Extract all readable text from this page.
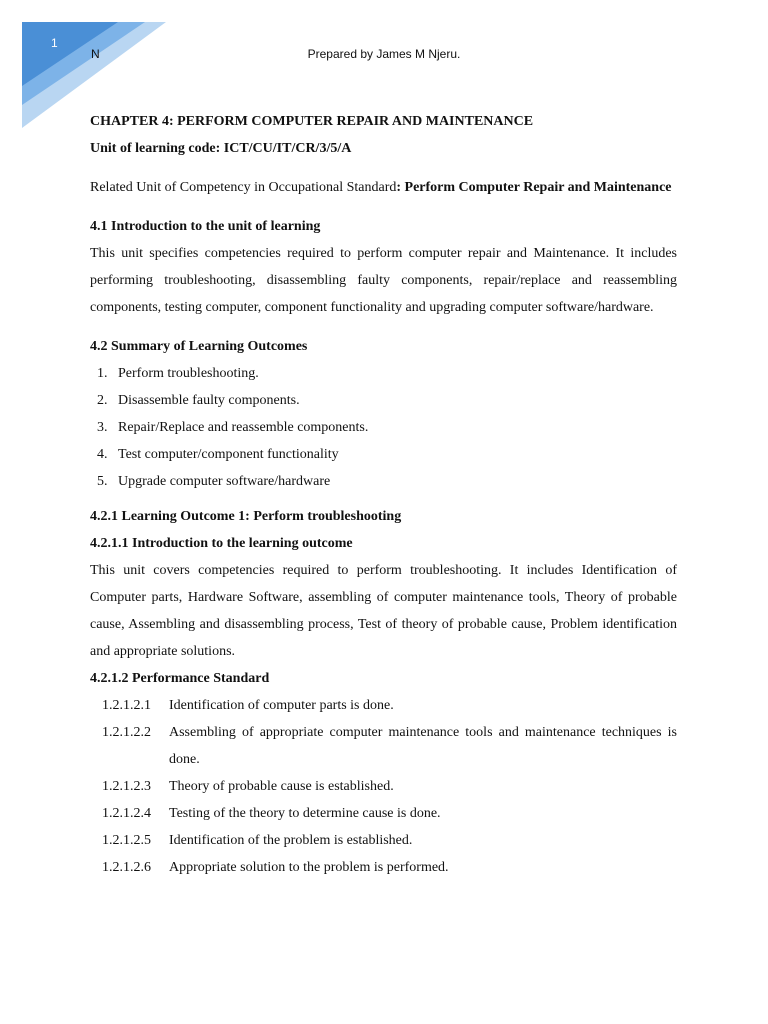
1
N	Prepared by James M Njeru.

CHAPTER 4: PERFORM COMPUTER REPAIR AND MAINTENANCE

Unit of learning code: ICT/CU/IT/CR/3/5/A

Related Unit of Competency in Occupational Standard: Perform Computer Repair and Maintenance

4.1 Introduction to the unit of learning

This unit specifies competencies required to perform computer repair and Maintenance. It includes performing troubleshooting, disassembling faulty components, repair/replace and reassembling components, testing computer, component functionality and upgrading computer software/hardware.

4.2 Summary of Learning Outcomes

1. Perform troubleshooting.
2. Disassemble faulty components.
3. Repair/Replace and reassemble components.
4. Test computer/component functionality
5. Upgrade computer software/hardware

4.2.1 Learning Outcome 1: Perform troubleshooting

4.2.1.1 Introduction to the learning outcome

This unit covers competencies required to perform troubleshooting. It includes Identification of Computer parts, Hardware Software, assembling of computer maintenance tools, Theory of probable cause, Assembling and disassembling process, Test of theory of probable cause, Problem identification and appropriate solutions.

4.2.1.2 Performance Standard

1.2.1.2.1 Identification of computer parts is done.
1.2.1.2.2 Assembling of appropriate computer maintenance tools and maintenance techniques is done.
1.2.1.2.3 Theory of probable cause is established.
1.2.1.2.4 Testing of the theory to determine cause is done.
1.2.1.2.5 Identification of the problem is established.
1.2.1.2.6 Appropriate solution to the problem is performed.
